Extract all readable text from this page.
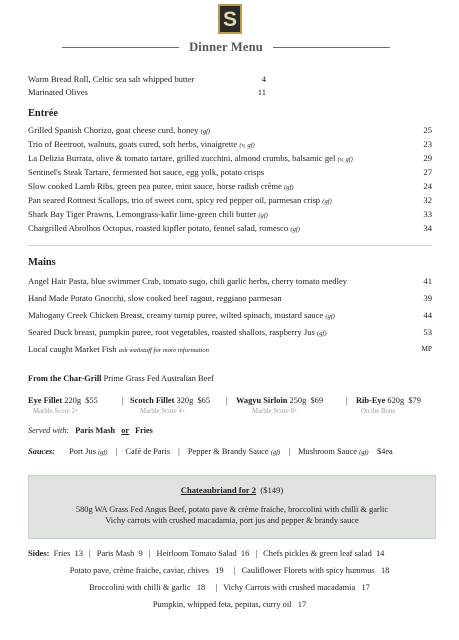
S
Dinner Menu
Warm Bread Roll, Celtic sea salt whipped butter	4
Marinated Olives	11
Entrée
Grilled Spanish Chorizo, goat cheese curd, honey (gf)	25
Trio of Beetroot, walnuts, goats cured, soft herbs, vinaigrette (v, gf)	23
La Delizia Burrata, olive & tomato tartare, grilled zucchini, almond crumbs, balsamic gel (v, gf)	29
Sentinel's Steak Tartare, fermented hot sauce, egg yolk, potato crisps	27
Slow cooked Lamb Ribs, green pea puree, mint sauce, horse radish crème (gf)	24
Pan seared Rottnest Scallops, trio of sweet corn, spicy red pepper oil, parmesan crisp (gf)	32
Shark Bay Tiger Prawns, Lemongrass-kafir lime-green chili butter (gf)	33
Chargrilled Abrolhos Octopus, roasted kipfler potato, fennel salad, romesco (gf)	34
Mains
Angel Hair Pasta, blue swimmer Crab, tomato sugo, chili garlic herbs, cherry tomato medley	41
Hand Made Potato Gnocchi, slow cooked beef ragout, reggiano parmesan	39
Mahogany Creek Chicken Breast, creamy turnip puree, wilted spinach, mustard sauce (gf)	44
Seared Duck breast, pumpkin puree, root vegetables, roasted shallots, raspberry Jus (gf)	53
Local caught Market Fish ask waitstaff for more information	MP
From the Char-Grill Prime Grass Fed Australian Beef
Eye Fillet 220g $55	| Scotch Fillet 320g $65 | Wagyu Sirloin 250g $69	| Rib-Eye 620g $79
Marble Score 2+	Marble Score 4+	Marble Score 8+	On the Bone
Served with: Paris Mash or Fries
Sauces: Port Jus (gf) | Café de Paris | Pepper & Brandy Sauce (gf) | Mushroom Sauce (gf) $4ea
Chateaubriand for 2 ($149)
580g WA Grass Fed Angus Beef, potato pave & crème fraiche, broccolini with chilli & garlic
Vichy carrots with crushed macadamia, port jus and pepper & brandy sauce
Sides: Fries 13 | Paris Mash 9 | Heirloom Tomato Salad 16 | Chefs pickles & green leaf salad 14
Potato pave, crème fraiche, caviar, chives 19   | Cauliflower Florets with spicy hummus 18
Broccolini with chilli & garlic 18   | Vichy Carrots with crushed macadamia 17
Pumpkin, whipped feta, pepitas, curry oil 17
